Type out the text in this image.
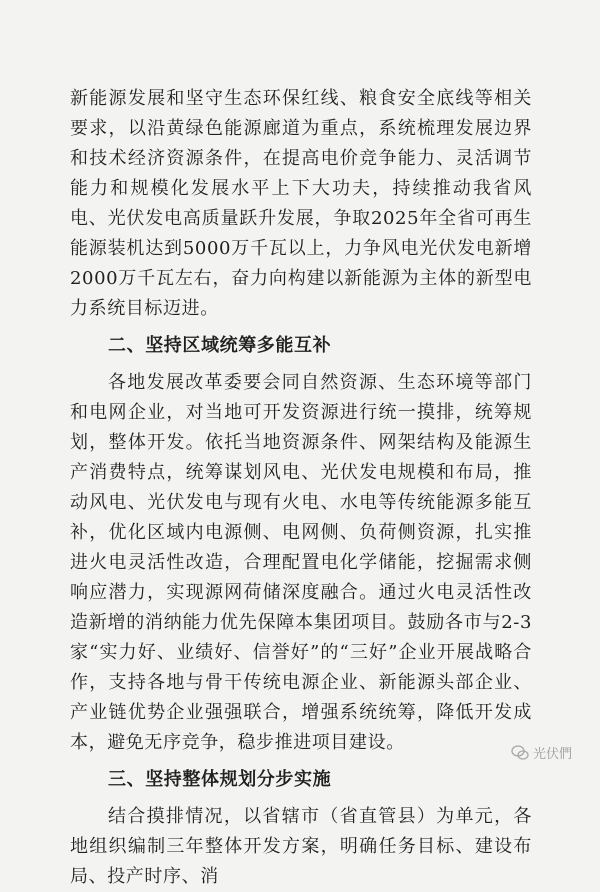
新能源发展和坚守生态环保红线、粮食安全底线等相关要求，以沿黄绿色能源廊道为重点，系统梳理发展边界和技术经济资源条件，在提高电价竞争能力、灵活调节能力和规模化发展水平上下大功夫，持续推动我省风电、光伏发电高质量跃升发展，争取2025年全省可再生能源装机达到5000万千瓦以上，力争风电光伏发电新增2000万千瓦左右，奋力向构建以新能源为主体的新型电力系统目标迈进。

二、坚持区域统筹多能互补

各地发展改革委要会同自然资源、生态环境等部门和电网企业，对当地可开发资源进行统一摸排，统筹规划，整体开发。依托当地资源条件、网架结构及能源生产消费特点，统筹谋划风电、光伏发电规模和布局，推动风电、光伏发电与现有火电、水电等传统能源多能互补，优化区域内电源侧、电网侧、负荷侧资源，扎实推进火电灵活性改造，合理配置电化学储能，挖掘需求侧响应潜力，实现源网荷储深度融合。通过火电灵活性改造新增的消纳能力优先保障本集团项目。鼓励各市与2-3家“实力好、业绩好、信誉好”的“三好”企业开展战略合作，支持各地与骨干传统电源企业、新能源头部企业、产业链优势企业强强联合，增强系统统筹，降低开发成本，避免无序竞争，稳步推进项目建设。

三、坚持整体规划分步实施

结合摸排情况，以省辖市（省直管县）为单元，各地组织编制三年整体开发方案，明确任务目标、建设布局、投产时序、消

光伏們
